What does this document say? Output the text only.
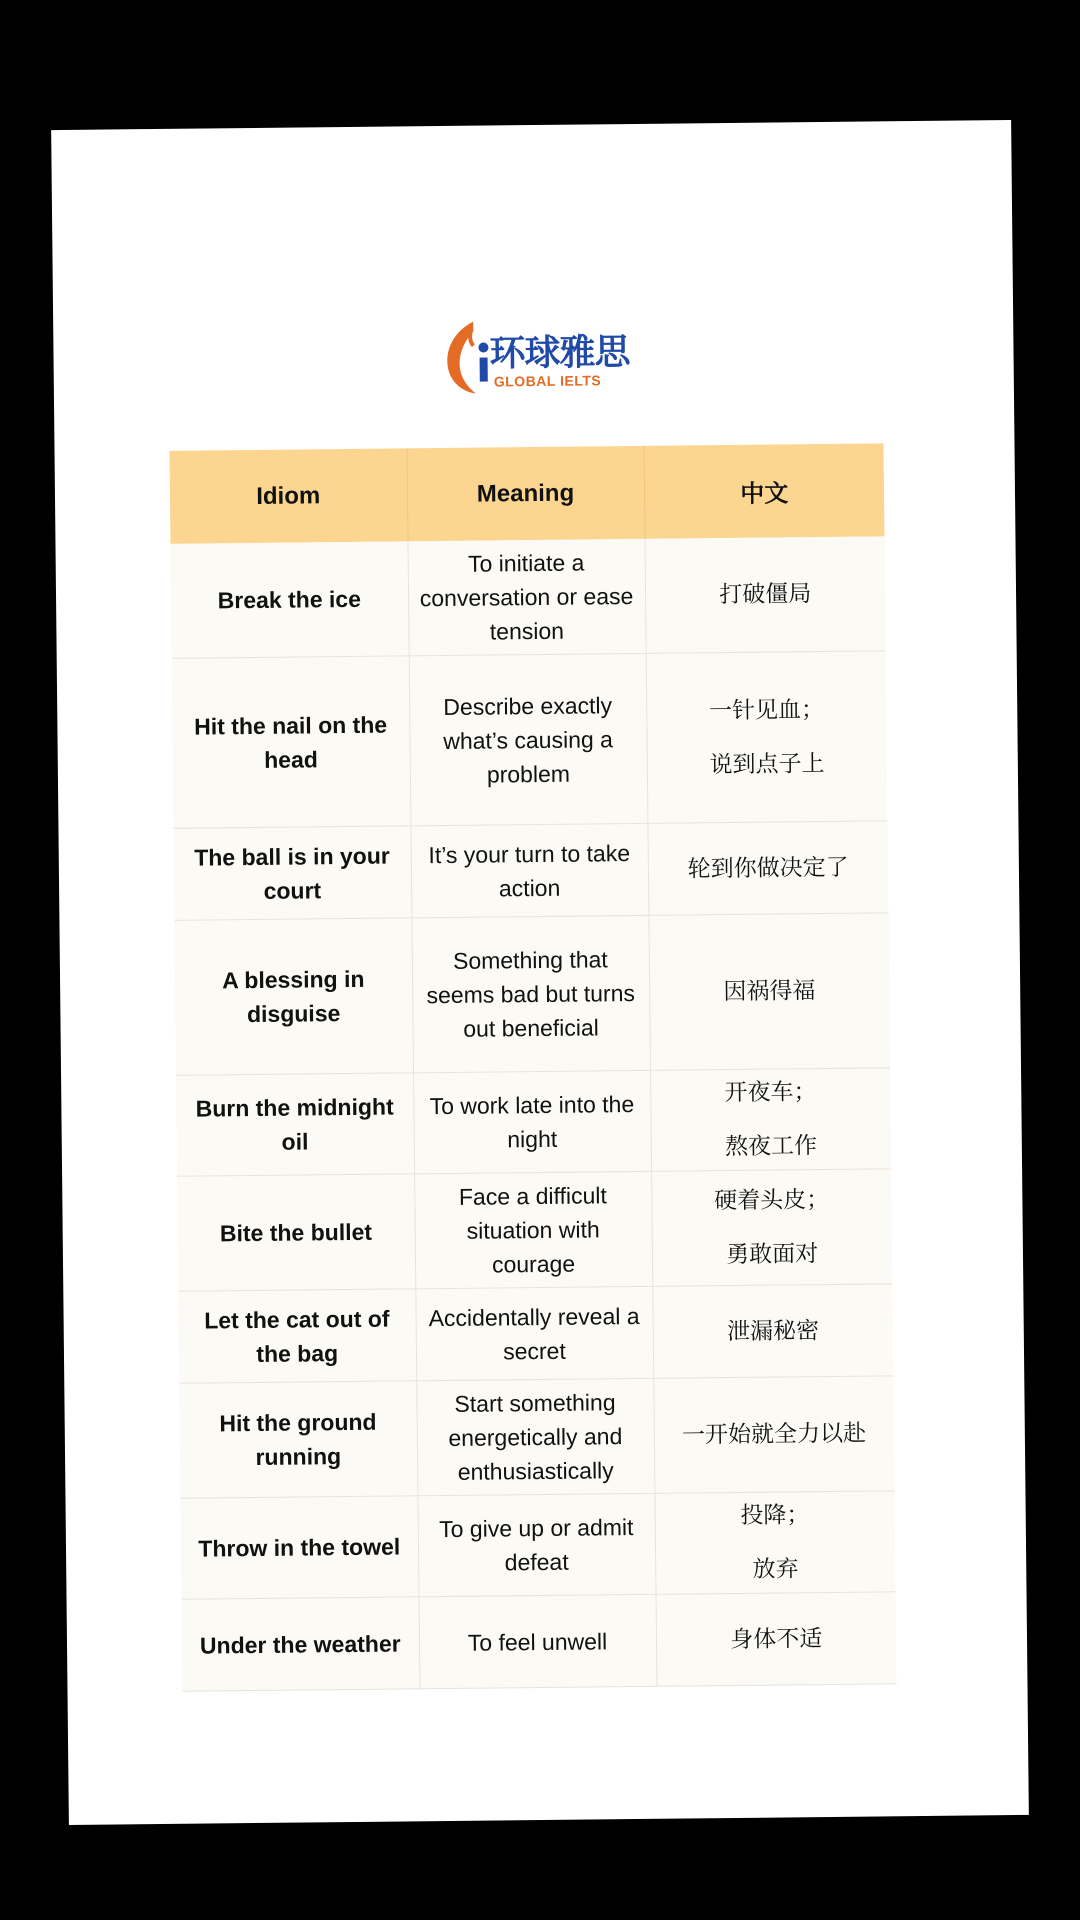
环球雅思
GLOBAL IELTS
Idiom	Meaning	中文
Break the ice	To initiate a conversation or ease tension	打破僵局

Hit the nail on the head	Describe exactly what’s causing a problem	一针见血；
说到点子上

The ball is in your court	It’s your turn to take action	轮到你做决定了

A blessing in disguise	Something that seems bad but turns out beneficial	因祸得福

Burn the midnight oil	To work late into the night	开夜车；
熬夜工作

Bite the bullet	Face a difficult situation with courage	硬着头皮；
勇敢面对

Let the cat out of the bag	Accidentally reveal a secret	泄漏秘密

Hit the ground running	Start something energetically and enthusiastically	一开始就全力以赴

Throw in the towel	To give up or admit defeat	投降；
放弃

Under the weather	To feel unwell	身体不适
